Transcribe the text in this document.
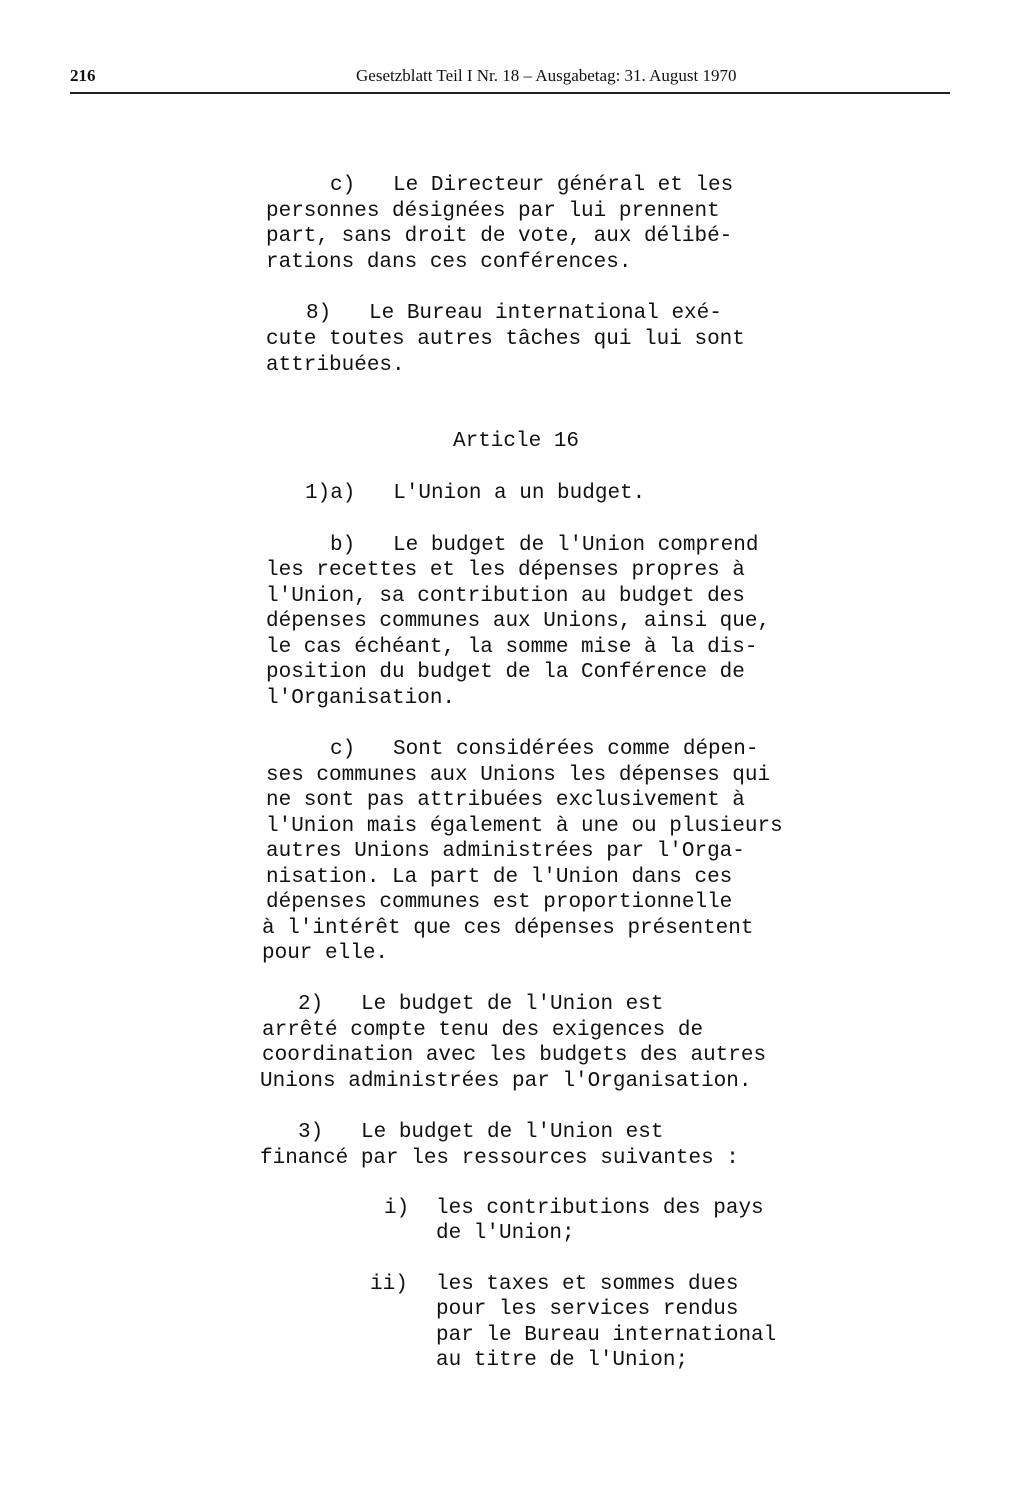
216	Gesetzblatt Teil I Nr. 18 – Ausgabetag: 31. August 1970
c)   Le Directeur général et les
personnes désignées par lui prennent
part, sans droit de vote, aux délibé-
rations dans ces conférences.
8)   Le Bureau international exé-
cute toutes autres tâches qui lui sont
attribuées.
Article 16
1)a)   L'Union a un budget.
b)   Le budget de l'Union comprend
les recettes et les dépenses propres à
l'Union, sa contribution au budget des
dépenses communes aux Unions, ainsi que,
le cas échéant, la somme mise à la dis-
position du budget de la Conférence de
l'Organisation.
c)   Sont considérées comme dépen-
ses communes aux Unions les dépenses qui
ne sont pas attribuées exclusivement à
l'Union mais également à une ou plusieurs
autres Unions administrées par l'Orga-
nisation. La part de l'Union dans ces
dépenses communes est proportionnelle
à l'intérêt que ces dépenses présentent
pour elle.
2)   Le budget de l'Union est
arrêté compte tenu des exigences de
coordination avec les budgets des autres
Unions administrées par l'Organisation.
3)   Le budget de l'Union est
financé par les ressources suivantes :
i) les contributions des pays
de l'Union;
ii) les taxes et sommes dues
pour les services rendus
par le Bureau international
au titre de l'Union;
